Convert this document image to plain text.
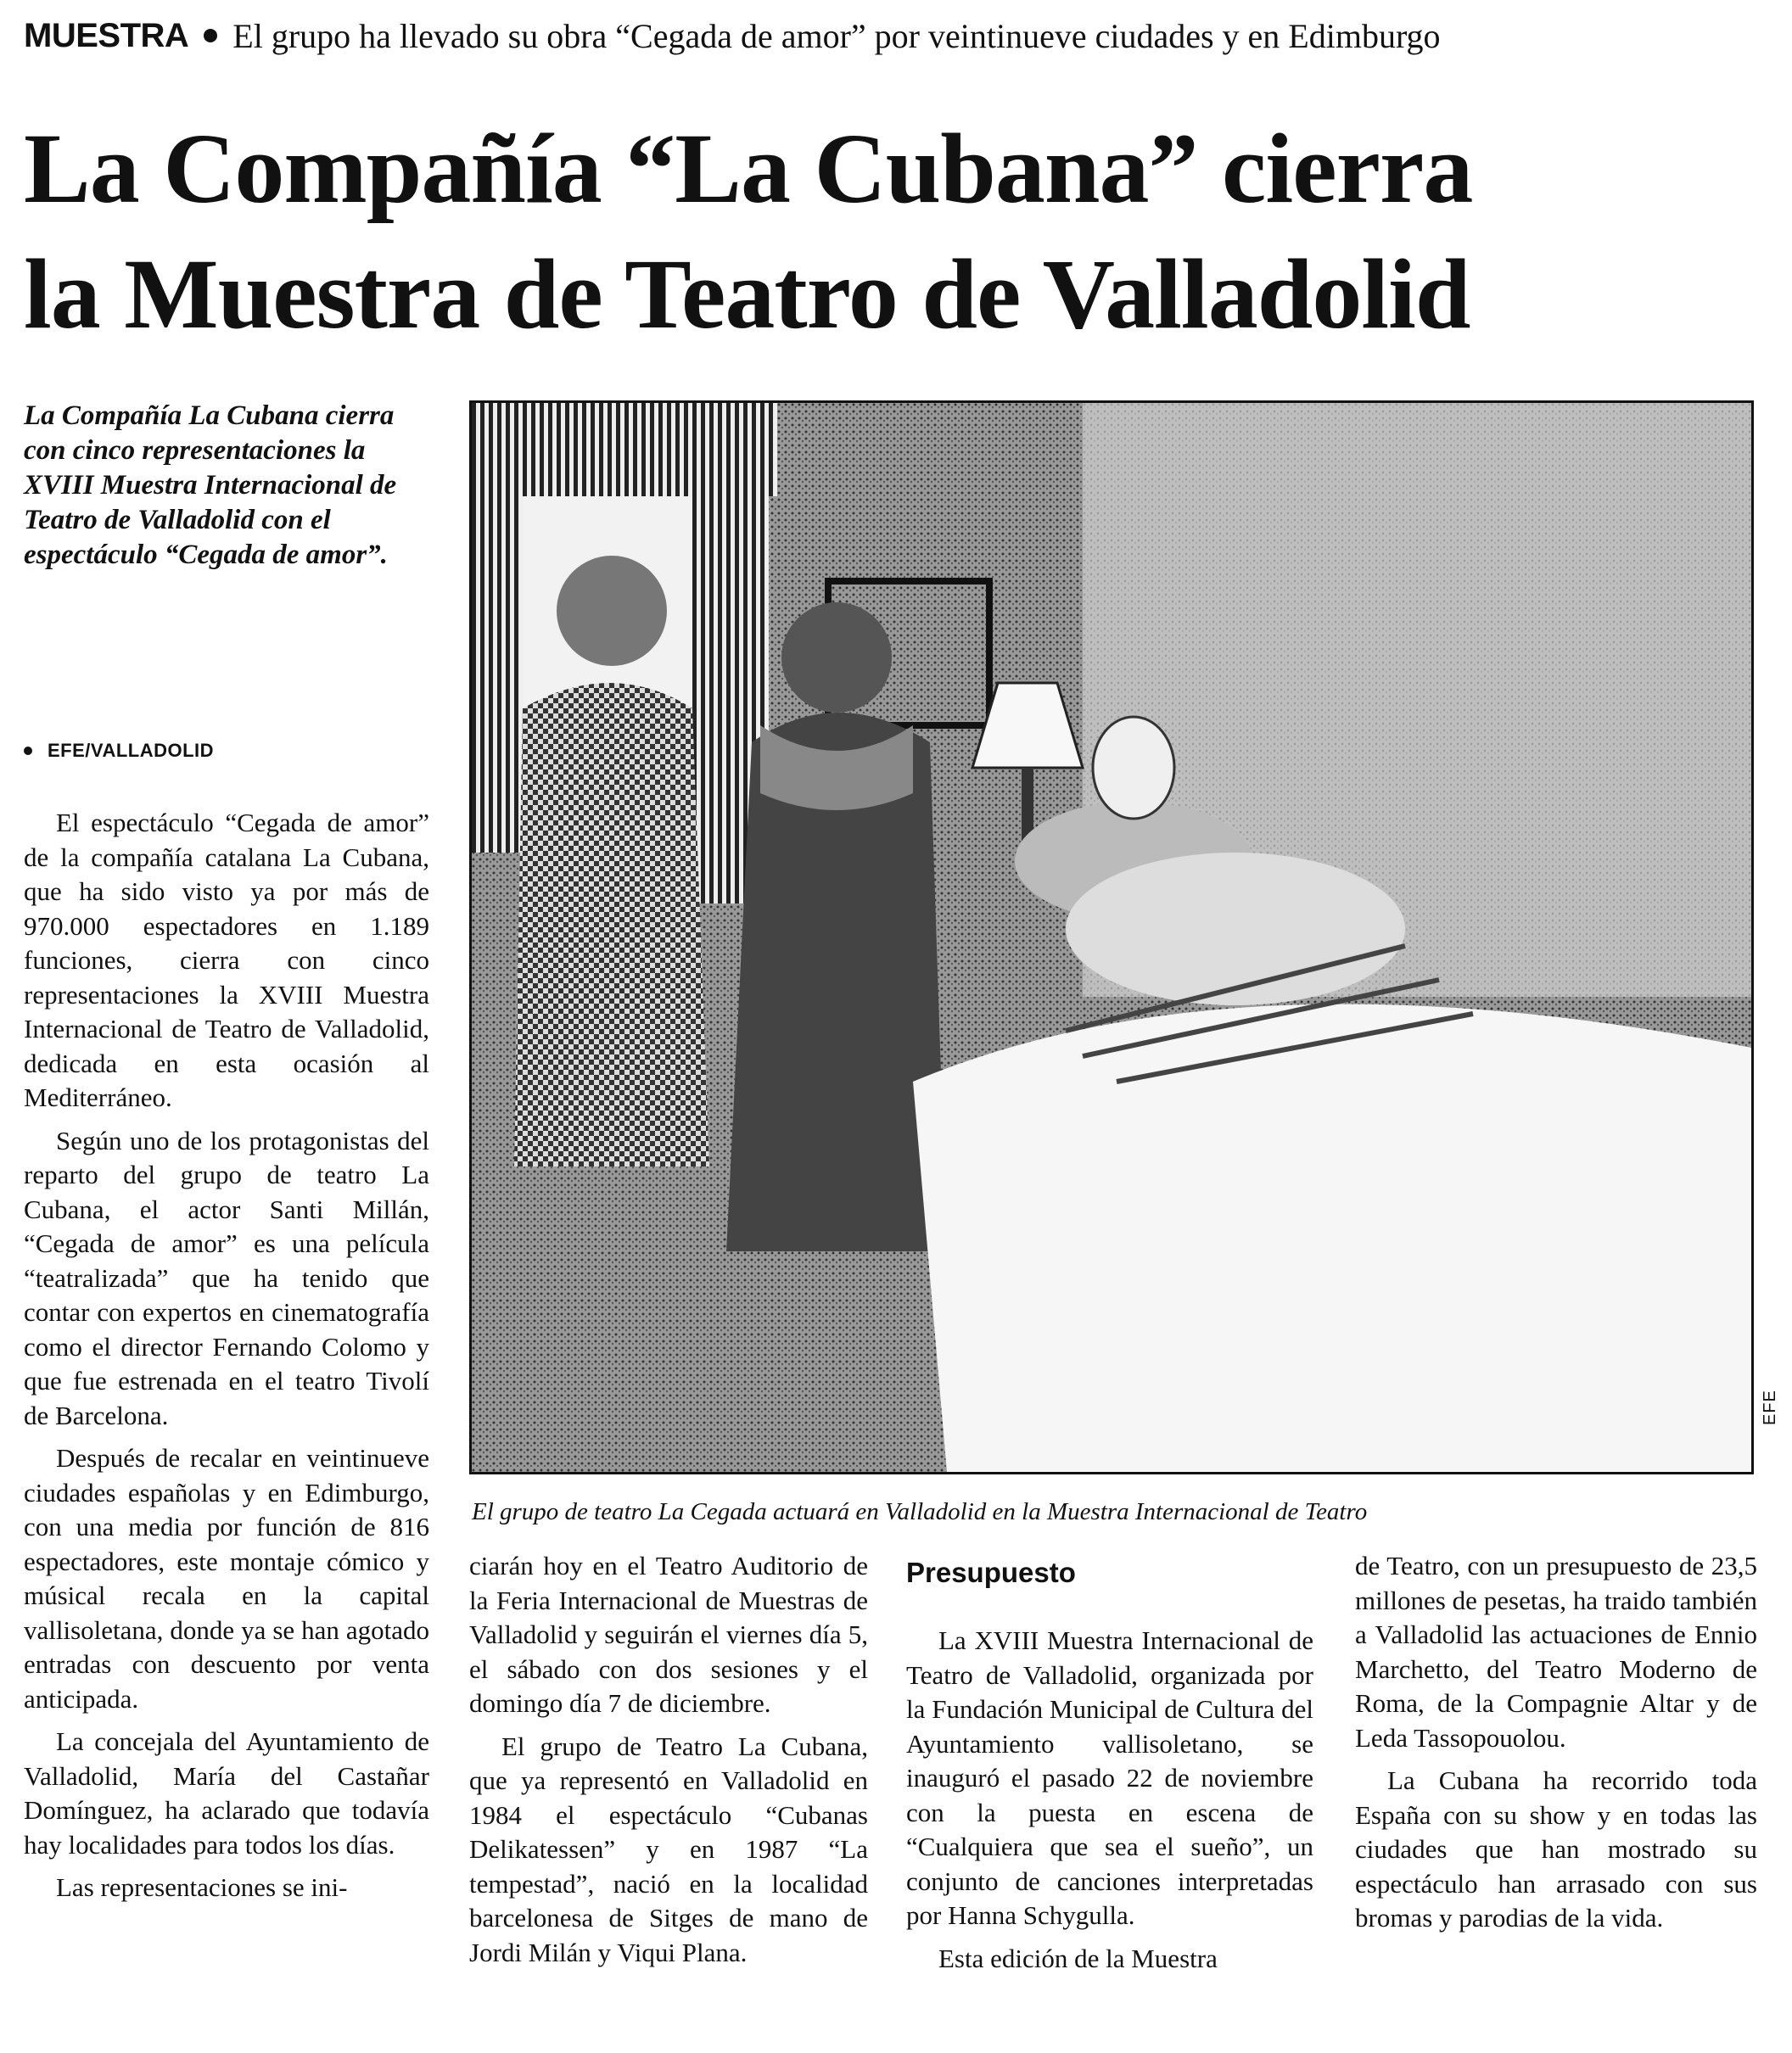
MUESTRA El grupo ha llevado su obra “Cegada de amor” por veintinueve ciudades y en Edimburgo
La Compañía “La Cubana” cierra
la Muestra de Teatro de Valladolid
La Compañía La Cubana cierra con cinco representaciones la XVIII Muestra Internacional de Teatro de Valladolid con el espectáculo “Cegada de amor”.
EFE/VALLADOLID

El espectáculo “Cegada de amor” de la compañía catalana La Cubana, que ha sido visto ya por más de 970.000 espectadores en 1.189 funciones, cierra con cinco representaciones la XVIII Muestra Internacional de Teatro de Valladolid, dedicada en esta ocasión al Mediterráneo.

Según uno de los protagonistas del reparto del grupo de teatro La Cubana, el actor Santi Millán, “Cegada de amor” es una película “teatralizada” que ha tenido que contar con expertos en cinematografía como el director Fernando Colomo y que fue estrenada en el teatro Tivolí de Barcelona.

Después de recalar en veintinueve ciudades españolas y en Edimburgo, con una media por función de 816 espectadores, este montaje cómico y músical recala en la capital vallisoletana, donde ya se han agotado entradas con descuento por venta anticipada.

La concejala del Ayuntamiento de Valladolid, María del Castañar Domínguez, ha aclarado que todavía hay localidades para todos los días.

Las representaciones se ini-

EFE
El grupo de teatro La Cegada actuará en Valladolid en la Muestra Internacional de Teatro

ciarán hoy en el Teatro Auditorio de la Feria Internacional de Muestras de Valladolid y seguirán el viernes día 5, el sábado con dos sesiones y el domingo día 7 de diciembre.

El grupo de Teatro La Cubana, que ya representó en Valladolid en 1984 el espectáculo “Cubanas Delikatessen” y en 1987 “La tempestad”, nació en la localidad barcelonesa de Sitges de mano de Jordi Milán y Viqui Plana.

Presupuesto

La XVIII Muestra Internacional de Teatro de Valladolid, organizada por la Fundación Municipal de Cultura del Ayuntamiento vallisoletano, se inauguró el pasado 22 de noviembre con la puesta en escena de “Cualquiera que sea el sueño”, un conjunto de canciones interpretadas por Hanna Schygulla.

Esta edición de la Muestra

de Teatro, con un presupuesto de 23,5 millones de pesetas, ha traido también a Valladolid las actuaciones de Ennio Marchetto, del Teatro Moderno de Roma, de la Compagnie Altar y de Leda Tassopouolou.

La Cubana ha recorrido toda España con su show y en todas las ciudades que han mostrado su espectáculo han arrasado con sus bromas y parodias de la vida.
